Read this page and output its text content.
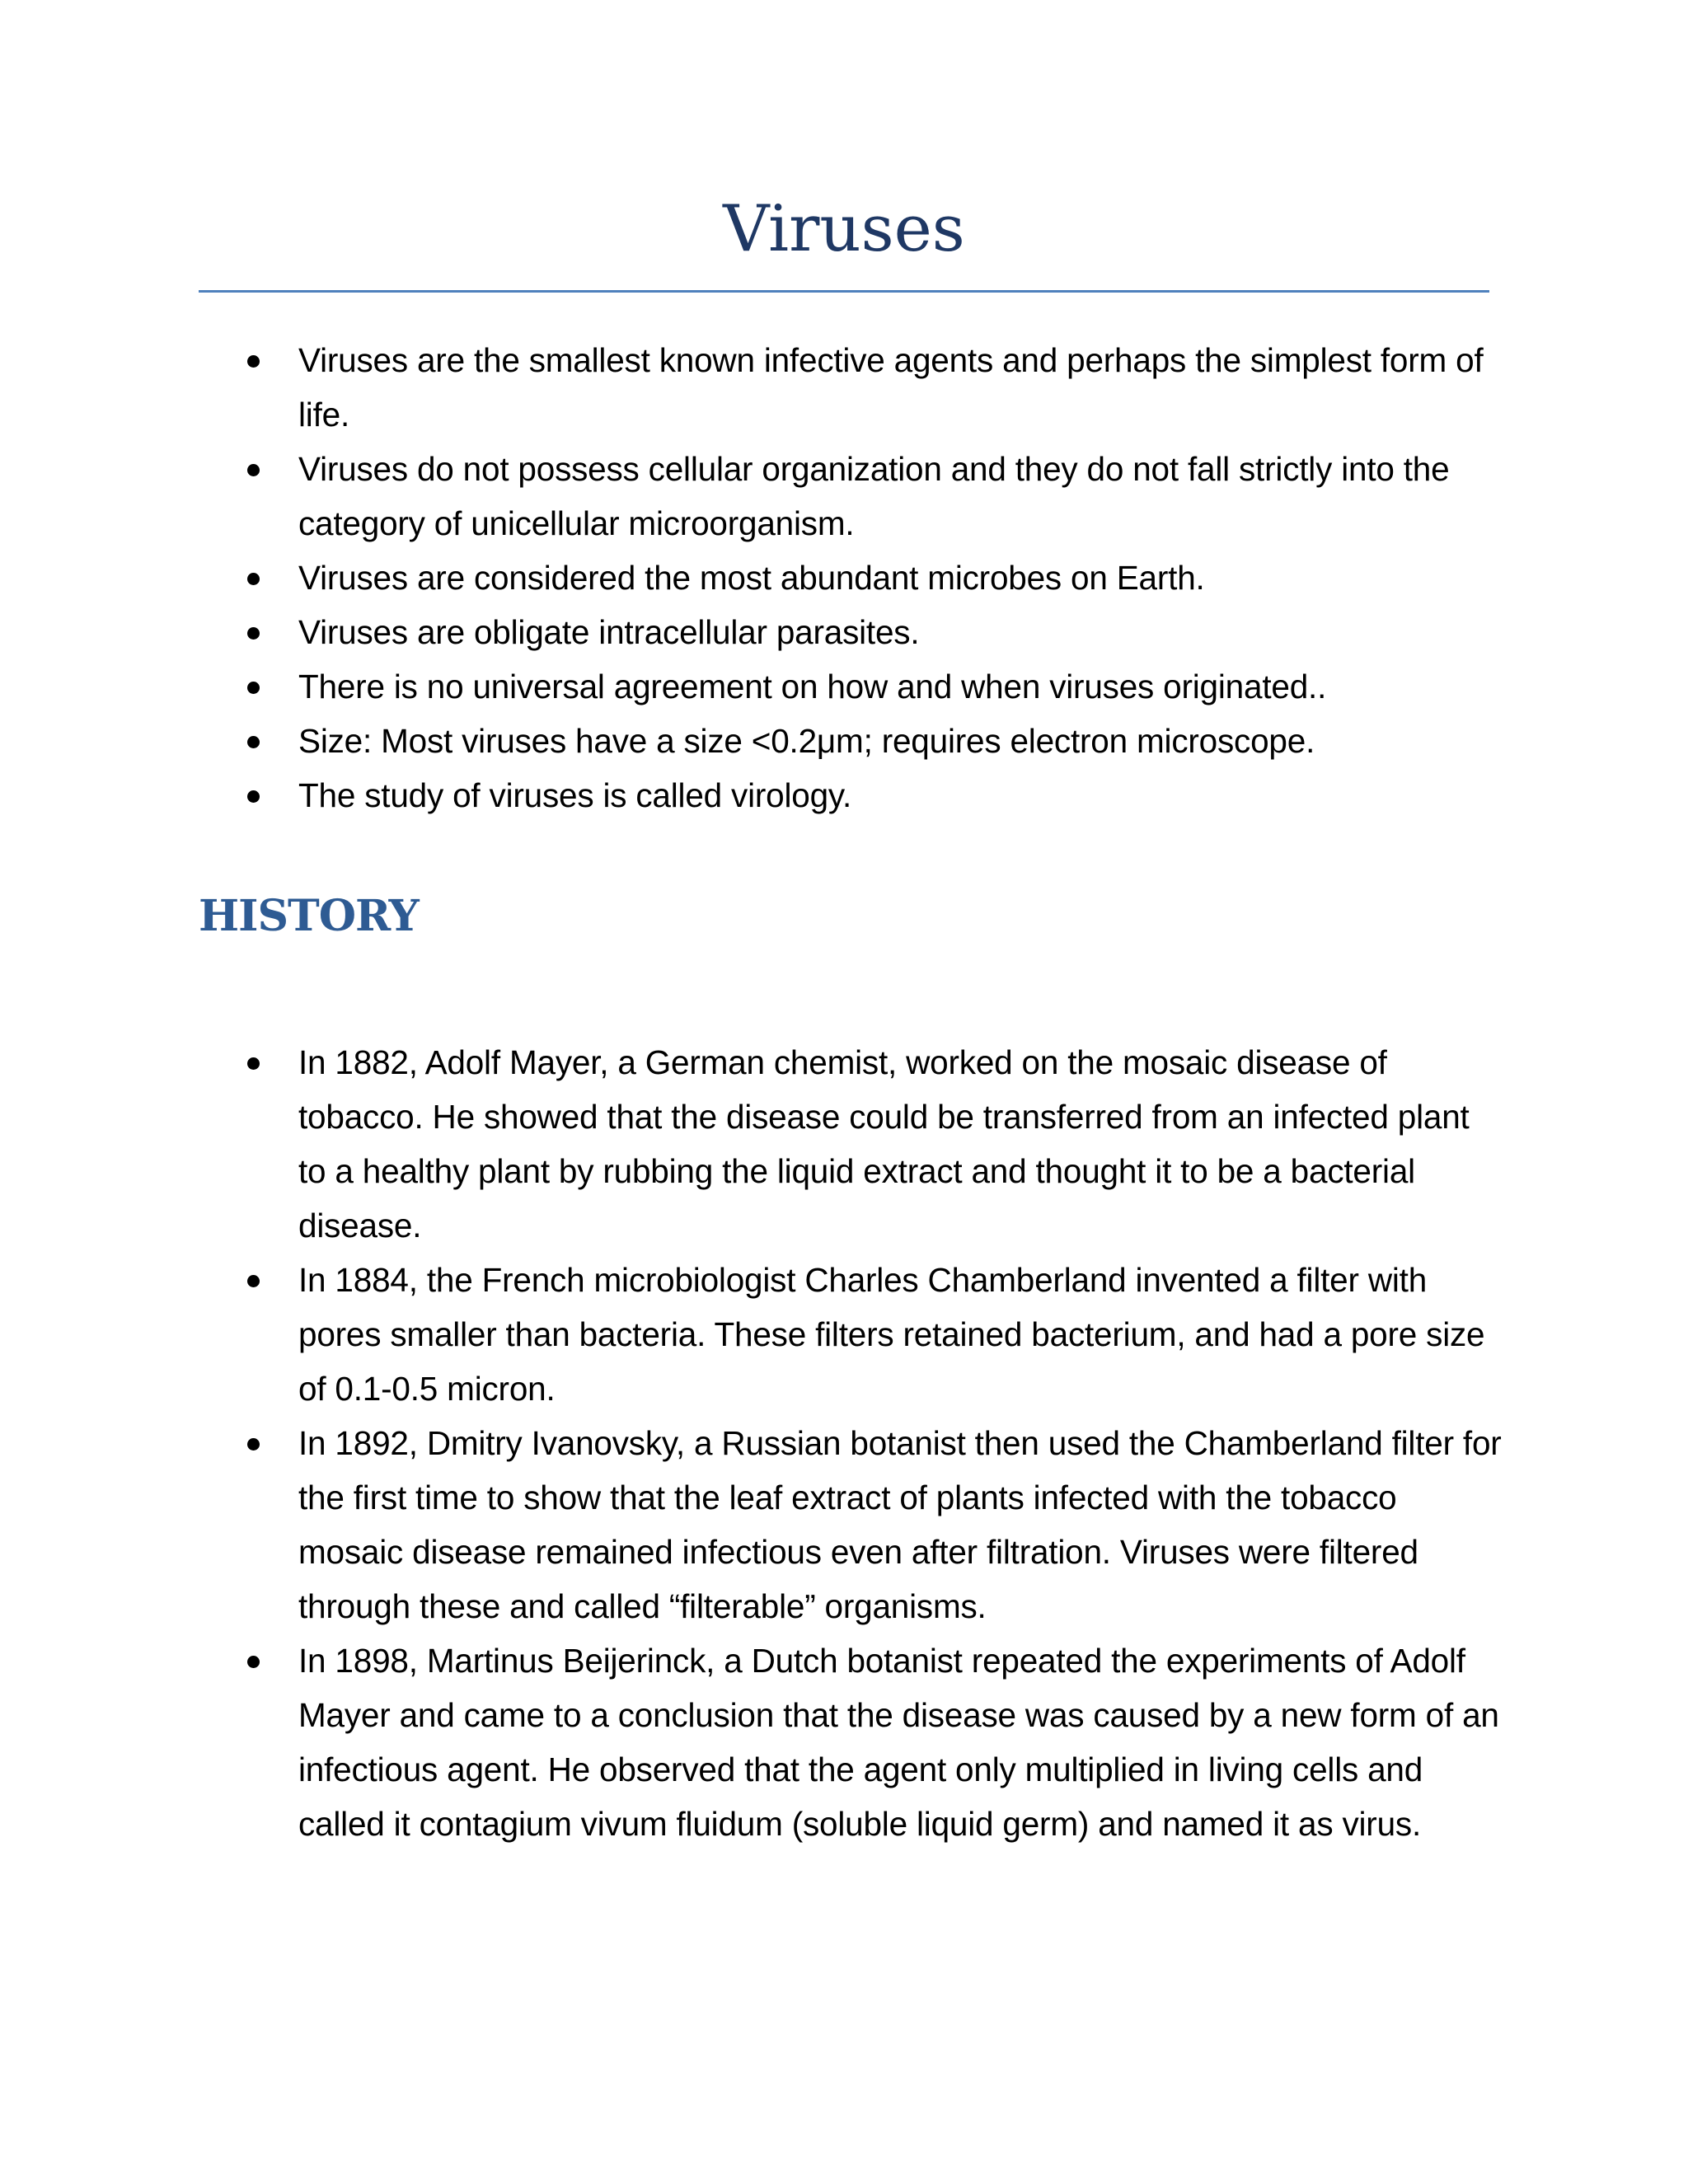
Viruses
Viruses are the smallest known infective agents and perhaps the simplest form of life.
Viruses do not possess cellular organization and they do not fall strictly into the category of unicellular microorganism.
Viruses are considered the most abundant microbes on Earth.
Viruses are obligate intracellular parasites.
There is no universal agreement on how and when viruses originated..
Size: Most viruses have a size <0.2μm; requires electron microscope.
The study of viruses is called virology.
HISTORY
In 1882, Adolf Mayer, a German chemist, worked on the mosaic disease of tobacco. He showed that the disease could be transferred from an infected plant to a healthy plant by rubbing the liquid extract and thought it to be a bacterial disease.
In 1884, the French microbiologist Charles Chamberland invented a filter with pores smaller than bacteria. These filters retained bacterium, and had a pore size of 0.1-0.5 micron.
In 1892, Dmitry Ivanovsky, a Russian botanist then used the Chamberland filter for the first time to show that the leaf extract of plants infected with the tobacco mosaic disease remained infectious even after filtration. Viruses were filtered through these and called “filterable” organisms.
In 1898, Martinus Beijerinck, a Dutch botanist repeated the experiments of Adolf Mayer and came to a conclusion that the disease was caused by a new form of an infectious agent. He observed that the agent only multiplied in living cells and called it contagium vivum fluidum (soluble liquid germ) and named it as virus.
